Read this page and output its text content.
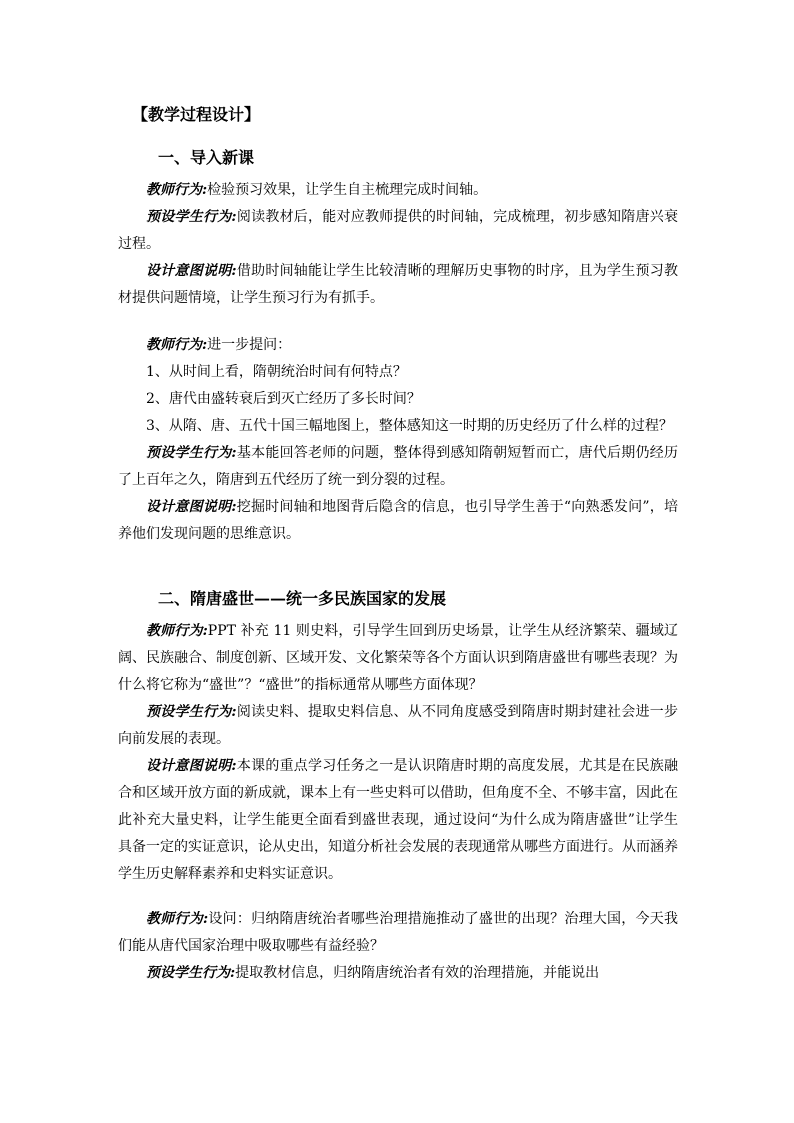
【教学过程设计】
一、导入新课

教师行为:检验预习效果，让学生自主梳理完成时间轴。

预设学生行为:阅读教材后，能对应教师提供的时间轴，完成梳理，初步感知隋唐兴衰过程。

设计意图说明:借助时间轴能让学生比较清晰的理解历史事物的时序，且为学生预习教材提供问题情境，让学生预习行为有抓手。

教师行为:进一步提问：

1、从时间上看，隋朝统治时间有何特点？

2、唐代由盛转衰后到灭亡经历了多长时间？

3、从隋、唐、五代十国三幅地图上，整体感知这一时期的历史经历了什么样的过程？

预设学生行为:基本能回答老师的问题，整体得到感知隋朝短暂而亡，唐代后期仍经历了上百年之久，隋唐到五代经历了统一到分裂的过程。

设计意图说明:挖掘时间轴和地图背后隐含的信息，也引导学生善于“向熟悉发问”，培养他们发现问题的思维意识。

二、隋唐盛世——统一多民族国家的发展

教师行为:PPT 补充 11 则史料，引导学生回到历史场景，让学生从经济繁荣、疆域辽阔、民族融合、制度创新、区域开发、文化繁荣等各个方面认识到隋唐盛世有哪些表现？为什么将它称为“盛世”？“盛世”的指标通常从哪些方面体现？

预设学生行为:阅读史料、提取史料信息、从不同角度感受到隋唐时期封建社会进一步向前发展的表现。

设计意图说明:本课的重点学习任务之一是认识隋唐时期的高度发展，尤其是在民族融合和区域开放方面的新成就，课本上有一些史料可以借助，但角度不全、不够丰富，因此在此补充大量史料，让学生能更全面看到盛世表现，通过设问“为什么成为隋唐盛世”让学生具备一定的实证意识，论从史出，知道分析社会发展的表现通常从哪些方面进行。从而涵养学生历史解释素养和史料实证意识。

教师行为:设问：归纳隋唐统治者哪些治理措施推动了盛世的出现？治理大国，今天我们能从唐代国家治理中吸取哪些有益经验？

预设学生行为:提取教材信息，归纳隋唐统治者有效的治理措施，并能说出
